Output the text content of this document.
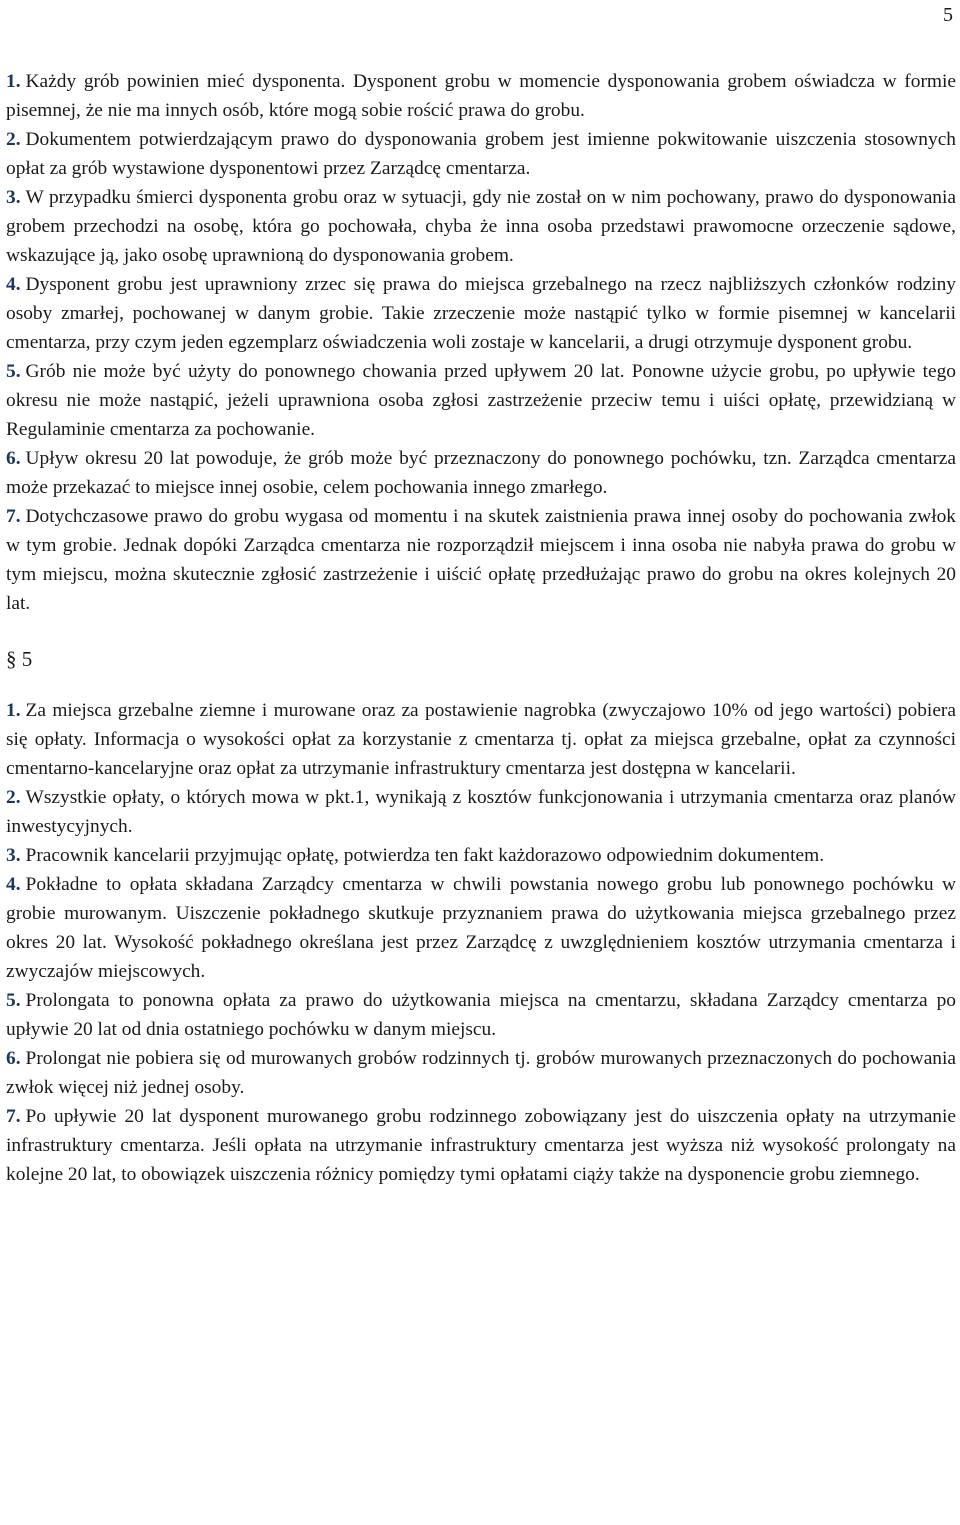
5

1. Każdy grób powinien mieć dysponenta. Dysponent grobu w momencie dysponowania grobem oświadcza w formie pisemnej, że nie ma innych osób, które mogą sobie rościć prawa do grobu.

2. Dokumentem potwierdzającym prawo do dysponowania grobem jest imienne pokwitowanie uiszczenia stosownych opłat za grób wystawione dysponentowi przez Zarządcę cmentarza.

3. W przypadku śmierci dysponenta grobu oraz w sytuacji, gdy nie został on w nim pochowany, prawo do dysponowania grobem przechodzi na osobę, która go pochowała, chyba że inna osoba przedstawi prawomocne orzeczenie sądowe, wskazujące ją, jako osobę uprawnioną do dysponowania grobem.

4. Dysponent grobu jest uprawniony zrzec się prawa do miejsca grzebalnego na rzecz najbliższych członków rodziny osoby zmarłej, pochowanej w danym grobie. Takie zrzeczenie może nastąpić tylko w formie pisemnej w kancelarii cmentarza, przy czym jeden egzemplarz oświadczenia woli zostaje w kancelarii, a drugi otrzymuje dysponent grobu.

5. Grób nie może być użyty do ponownego chowania przed upływem 20 lat. Ponowne użycie grobu, po upływie tego okresu nie może nastąpić, jeżeli uprawniona osoba zgłosi zastrzeżenie przeciw temu i uiści opłatę, przewidzianą w Regulaminie cmentarza za pochowanie.

6. Upływ okresu 20 lat powoduje, że grób może być przeznaczony do ponownego pochówku, tzn. Zarządca cmentarza może przekazać to miejsce innej osobie, celem pochowania innego zmarłego.

7. Dotychczasowe prawo do grobu wygasa od momentu i na skutek zaistnienia prawa innej osoby do pochowania zwłok w tym grobie. Jednak dopóki Zarządca cmentarza nie rozporządził miejscem i inna osoba nie nabyła prawa do grobu w tym miejscu, można skutecznie zgłosić zastrzeżenie i uiścić opłatę przedłużając prawo do grobu na okres kolejnych 20 lat.

§ 5

1. Za miejsca grzebalne ziemne i murowane oraz za postawienie nagrobka (zwyczajowo 10% od jego wartości) pobiera się opłaty. Informacja o wysokości opłat za korzystanie z cmentarza tj. opłat za miejsca grzebalne, opłat za czynności cmentarno-kancelaryjne oraz opłat za utrzymanie infrastruktury cmentarza jest dostępna w kancelarii.

2. Wszystkie opłaty, o których mowa w pkt.1, wynikają z kosztów funkcjonowania i utrzymania cmentarza oraz planów inwestycyjnych.

3. Pracownik kancelarii przyjmując opłatę, potwierdza ten fakt każdorazowo odpowiednim dokumentem.

4. Pokładne to opłata składana Zarządcy cmentarza w chwili powstania nowego grobu lub ponownego pochówku w grobie murowanym. Uiszczenie pokładnego skutkuje przyznaniem prawa do użytkowania miejsca grzebalnego przez okres 20 lat. Wysokość pokładnego określana jest przez Zarządcę z uwzględnieniem kosztów utrzymania cmentarza i zwyczajów miejscowych.

5. Prolongata to ponowna opłata za prawo do użytkowania miejsca na cmentarzu, składana Zarządcy cmentarza po upływie 20 lat od dnia ostatniego pochówku w danym miejscu.

6. Prolongat nie pobiera się od murowanych grobów rodzinnych tj. grobów murowanych przeznaczonych do pochowania zwłok więcej niż jednej osoby.

7. Po upływie 20 lat dysponent murowanego grobu rodzinnego zobowiązany jest do uiszczenia opłaty na utrzymanie infrastruktury cmentarza. Jeśli opłata na utrzymanie infrastruktury cmentarza jest wyższa niż wysokość prolongaty na kolejne 20 lat, to obowiązek uiszczenia różnicy pomiędzy tymi opłatami ciąży także na dysponencie grobu ziemnego.
